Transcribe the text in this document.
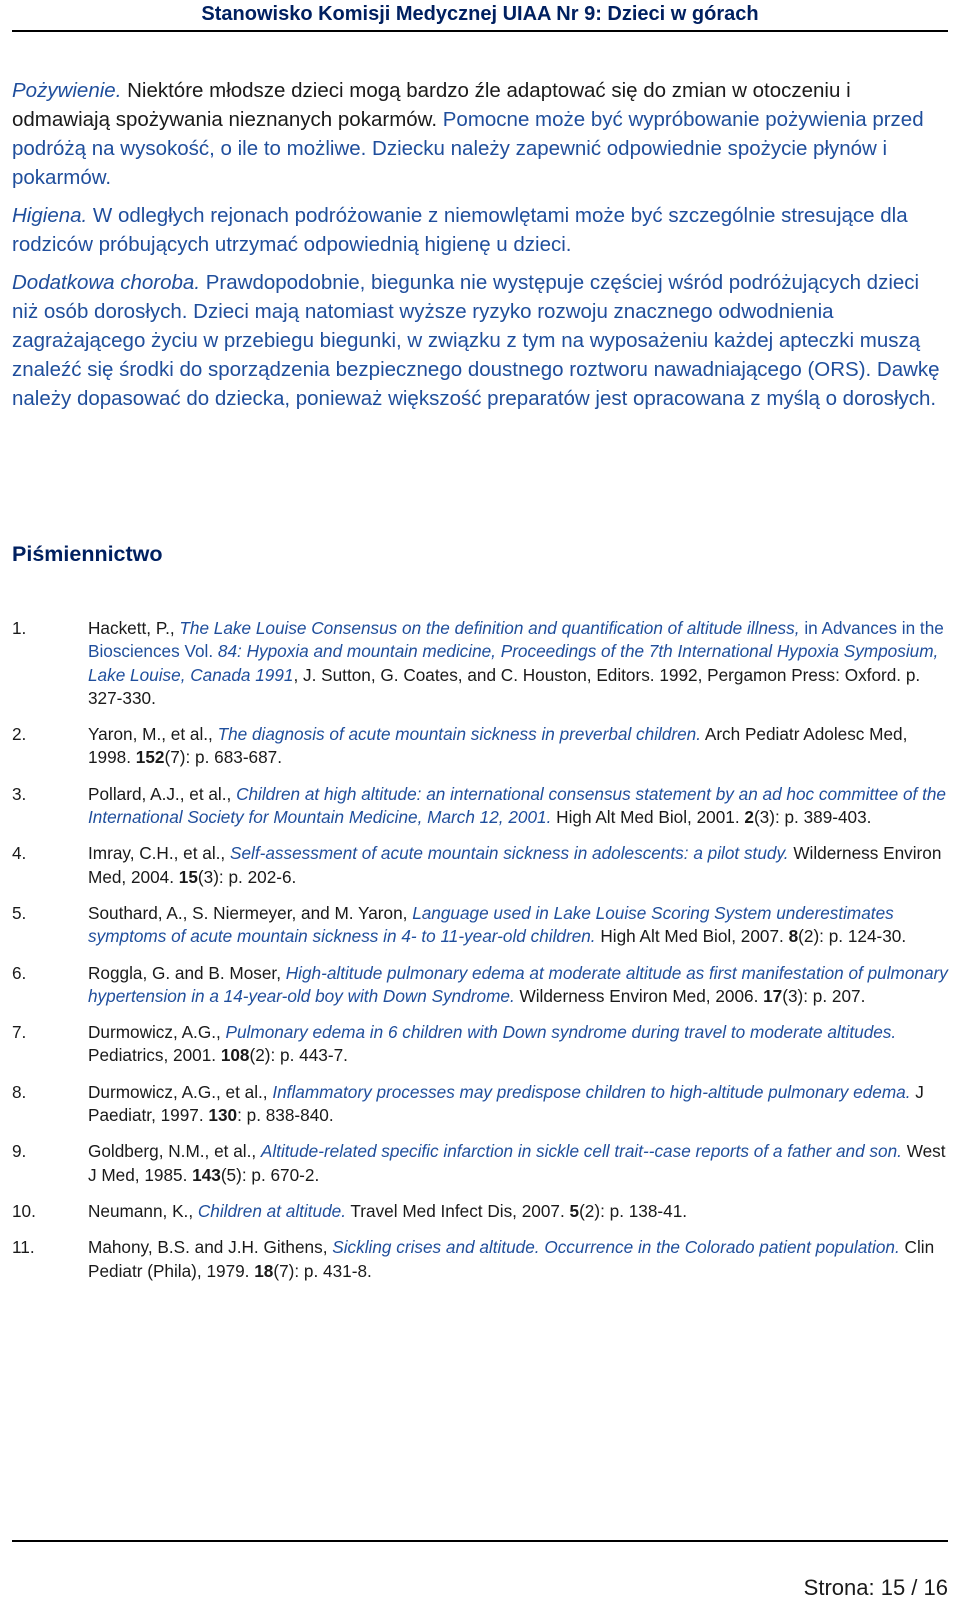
Stanowisko Komisji Medycznej UIAA Nr 9: Dzieci w górach

Pożywienie. Niektóre młodsze dzieci mogą bardzo źle adaptować się do zmian w otoczeniu i odmawiają spożywania nieznanych pokarmów. Pomocne może być wypróbowanie pożywienia przed podróżą na wysokość, o ile to możliwe. Dziecku należy zapewnić odpowiednie spożycie płynów i pokarmów.

Higiena. W odległych rejonach podróżowanie z niemowlętami może być szczególnie stresujące dla rodziców próbujących utrzymać odpowiednią higienę u dzieci.

Dodatkowa choroba. Prawdopodobnie, biegunka nie występuje częściej wśród podróżujących dzieci niż osób dorosłych. Dzieci mają natomiast wyższe ryzyko rozwoju znacznego odwodnienia zagrażającego życiu w przebiegu biegunki, w związku z tym na wyposażeniu każdej apteczki muszą znaleźć się środki do sporządzenia bezpiecznego doustnego roztworu nawadniającego (ORS). Dawkę należy dopasować do dziecka, ponieważ większość preparatów jest opracowana z myślą o dorosłych.

Piśmiennictwo
1.	Hackett, P., The Lake Louise Consensus on the definition and quantification of altitude illness, in Advances in the Biosciences Vol. 84: Hypoxia and mountain medicine, Proceedings of the 7th International Hypoxia Symposium, Lake Louise, Canada 1991, J. Sutton, G. Coates, and C. Houston, Editors. 1992, Pergamon Press: Oxford. p. 327-330.
2.	Yaron, M., et al., The diagnosis of acute mountain sickness in preverbal children. Arch Pediatr Adolesc Med, 1998. 152(7): p. 683-687.
3.	Pollard, A.J., et al., Children at high altitude: an international consensus statement by an ad hoc committee of the International Society for Mountain Medicine, March 12, 2001. High Alt Med Biol, 2001. 2(3): p. 389-403.
4.	Imray, C.H., et al., Self-assessment of acute mountain sickness in adolescents: a pilot study. Wilderness Environ Med, 2004. 15(3): p. 202-6.
5.	Southard, A., S. Niermeyer, and M. Yaron, Language used in Lake Louise Scoring System underestimates symptoms of acute mountain sickness in 4- to 11-year-old children. High Alt Med Biol, 2007. 8(2): p. 124-30.
6.	Roggla, G. and B. Moser, High-altitude pulmonary edema at moderate altitude as first manifestation of pulmonary hypertension in a 14-year-old boy with Down Syndrome. Wilderness Environ Med, 2006. 17(3): p. 207.
7.	Durmowicz, A.G., Pulmonary edema in 6 children with Down syndrome during travel to moderate altitudes. Pediatrics, 2001. 108(2): p. 443-7.
8.	Durmowicz, A.G., et al., Inflammatory processes may predispose children to high-altitude pulmonary edema. J Paediatr, 1997. 130: p. 838-840.
9.	Goldberg, N.M., et al., Altitude-related specific infarction in sickle cell trait--case reports of a father and son. West J Med, 1985. 143(5): p. 670-2.
10.	Neumann, K., Children at altitude. Travel Med Infect Dis, 2007. 5(2): p. 138-41.
11.	Mahony, B.S. and J.H. Githens, Sickling crises and altitude. Occurrence in the Colorado patient population. Clin Pediatr (Phila), 1979. 18(7): p. 431-8.
Strona: 15 / 16
